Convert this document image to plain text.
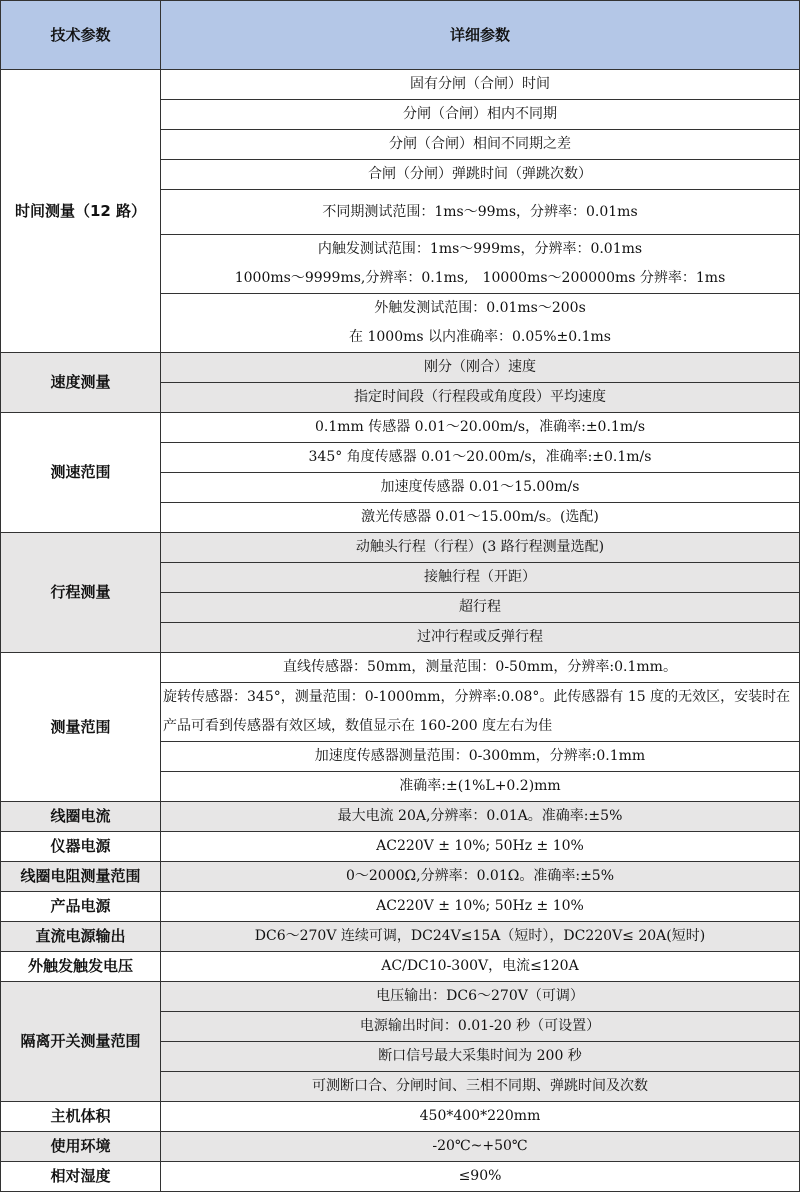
技术参数	详细参数
时间测量（12 路）	固有分闸（合闸）时间

	分闸（合闸）相内不同期

	分闸（合闸）相间不同期之差

	合闸（分闸）弹跳时间（弹跳次数）

	不同期测试范围：1ms～99ms，分辨率：0.01ms

	内触发测试范围：1ms～999ms，分辨率：0.01ms
1000ms～9999ms,分辨率：0.1ms,　10000ms～200000ms 分辨率：1ms

	外触发测试范围：0.01ms～200s
在 1000ms 以内准确率：0.05%±0.1ms

速度测量	刚分（刚合）速度

	指定时间段（行程段或角度段）平均速度

测速范围	0.1mm 传感器 0.01～20.00m/s，准确率:±0.1m/s

	345° 角度传感器 0.01～20.00m/s，准确率:±0.1m/s

	加速度传感器 0.01～15.00m/s

	激光传感器 0.01～15.00m/s。(选配)

行程测量	动触头行程（行程）(3 路行程测量选配)

	接触行程（开距）

	超行程

	过冲行程或反弹行程

测量范围	直线传感器：50mm，测量范围：0-50mm，分辨率:0.1mm。

	旋转传感器：345°，测量范围：0-1000mm，分辨率:0.08°。此传感器有 15 度的无效区，安装时在产品可看到传感器有效区域，数值显示在 160-200 度左右为佳

	加速度传感器测量范围：0-300mm，分辨率:0.1mm

	准确率:±(1%L+0.2)mm

线圈电流	最大电流 20A,分辨率：0.01A。准确率:±5%

仪器电源	AC220V ± 10%; 50Hz ± 10%

线圈电阻测量范围	0～2000Ω,分辨率：0.01Ω。准确率:±5%

产品电源	AC220V ± 10%; 50Hz ± 10%

直流电源输出	DC6～270V 连续可调，DC24V≤15A（短时），DC220V≤ 20A(短时)

外触发触发电压	AC/DC10-300V，电流≤120A

隔离开关测量范围	电压输出：DC6～270V（可调）

	电源输出时间：0.01-20 秒（可设置）

	断口信号最大采集时间为 200 秒

	可测断口合、分闸时间、三相不同期、弹跳时间及次数

主机体积	450*400*220mm

使用环境	-20℃~+50℃

相对湿度	≤90%
